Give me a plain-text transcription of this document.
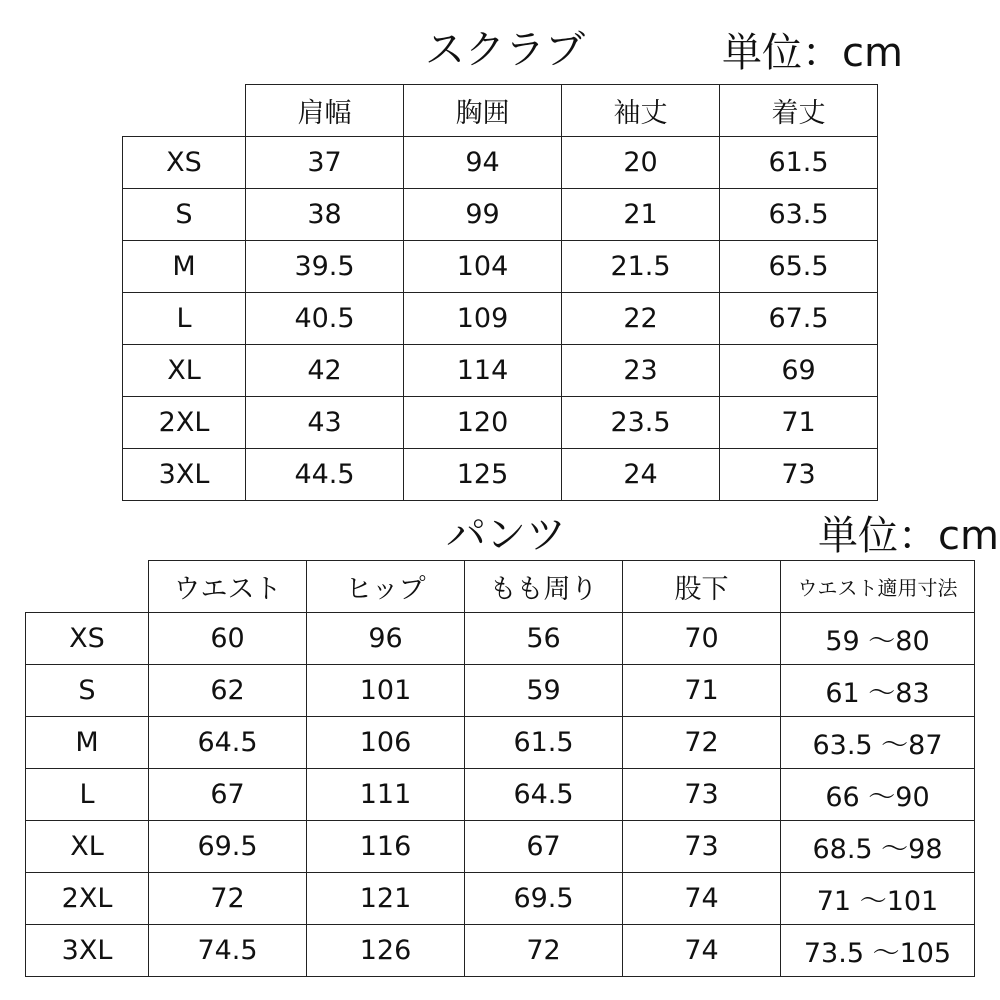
スクラブ	単位：cm
	肩幅	胸囲	袖丈	着丈
XS	37	94	20	61.5
S	38	99	21	63.5
M	39.5	104	21.5	65.5
L	40.5	109	22	67.5
XL	42	114	23	69
2XL	43	120	23.5	71
3XL	44.5	125	24	73
パンツ	単位：cm
	ウエスト	ヒップ	もも周り	股下	ウエスト適用寸法
XS	60	96	56	70	59 ～80
S	62	101	59	71	61 ～83
M	64.5	106	61.5	72	63.5 ～87
L	67	111	64.5	73	66 ～90
XL	69.5	116	67	73	68.5 ～98
2XL	72	121	69.5	74	71 ～101
3XL	74.5	126	72	74	73.5 ～105
